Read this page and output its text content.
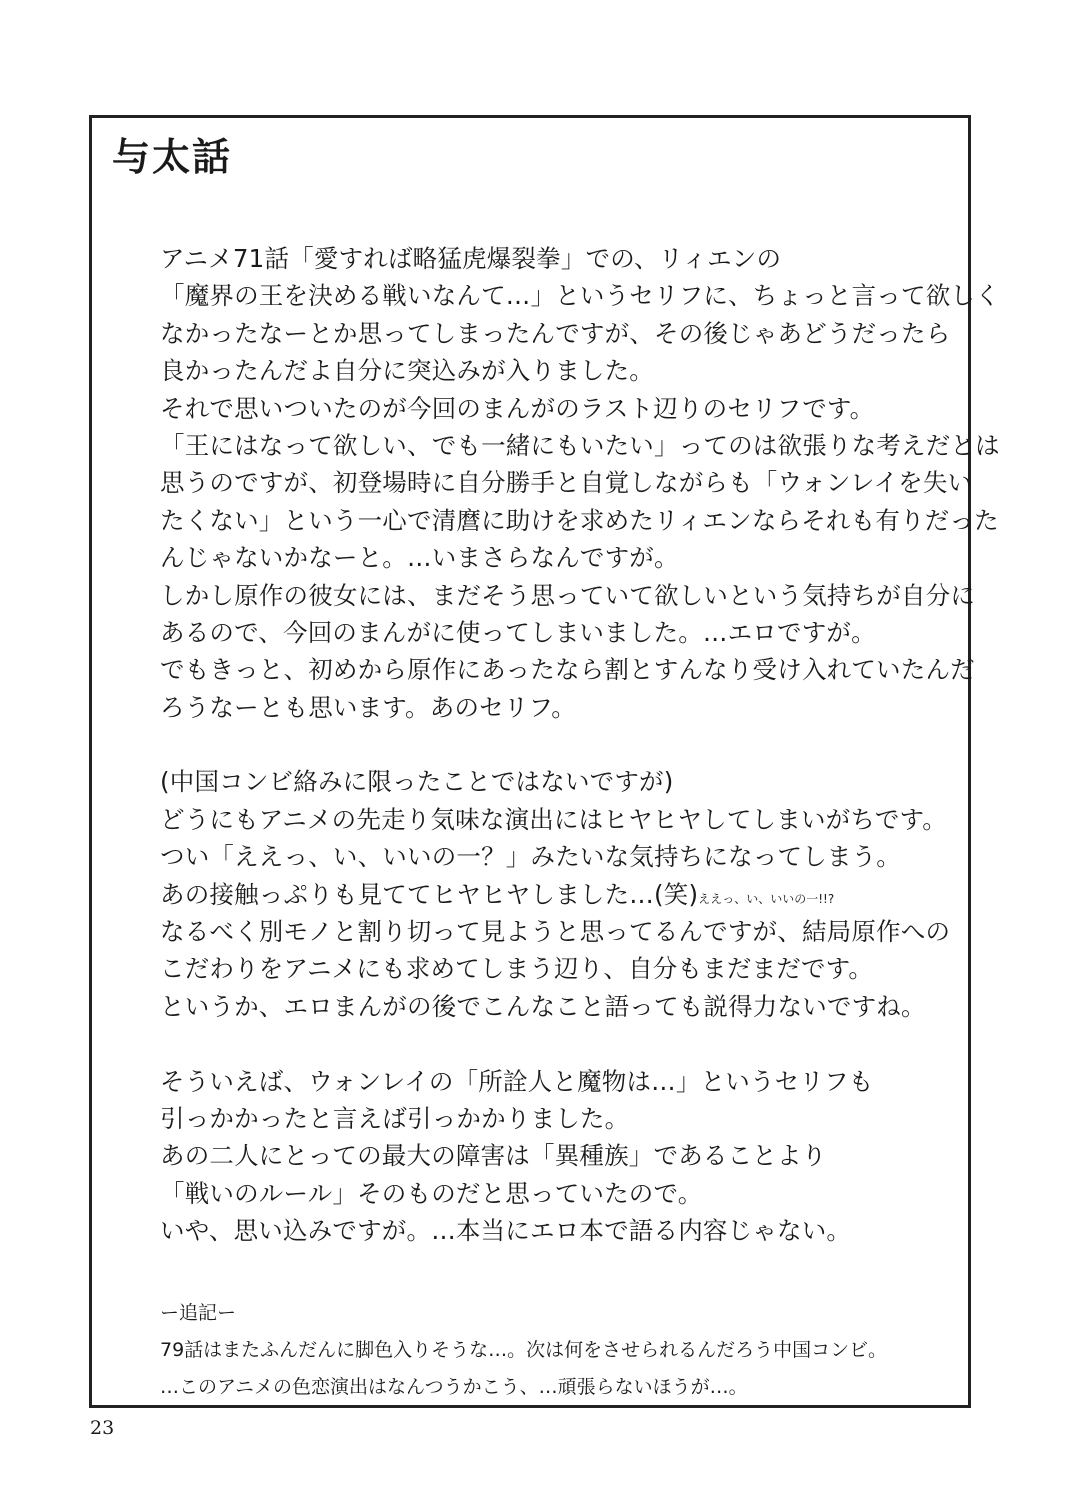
与太話
アニメ71話「愛すれば略猛虎爆裂拳」での、リィエンの
「魔界の王を決める戦いなんて…」というセリフに、ちょっと言って欲しく
なかったなーとか思ってしまったんですが、その後じゃあどうだったら
良かったんだよ自分に突込みが入りました。
それで思いついたのが今回のまんがのラスト辺りのセリフです。
「王にはなって欲しい、でも一緒にもいたい」ってのは欲張りな考えだとは
思うのですが、初登場時に自分勝手と自覚しながらも「ウォンレイを失い
たくない」という一心で清麿に助けを求めたリィエンならそれも有りだった
んじゃないかなーと。…いまさらなんですが。
しかし原作の彼女には、まだそう思っていて欲しいという気持ちが自分に
あるので、今回のまんがに使ってしまいました。…エロですが。
でもきっと、初めから原作にあったなら割とすんなり受け入れていたんだ
ろうなーとも思います。あのセリフ。
(中国コンビ絡みに限ったことではないですが)
どうにもアニメの先走り気味な演出にはヒヤヒヤしてしまいがちです。
つい「ええっ、い、いいの一？」みたいな気持ちになってしまう。
あの接触っぷりも見ててヒヤヒヤしました…(笑)ええっ、い、いいの一!!?
なるべく別モノと割り切って見ようと思ってるんですが、結局原作への
こだわりをアニメにも求めてしまう辺り、自分もまだまだです。
というか、エロまんがの後でこんなこと語っても説得力ないですね。
そういえば、ウォンレイの「所詮人と魔物は…」というセリフも
引っかかったと言えば引っかかりました。
あの二人にとっての最大の障害は「異種族」であることより
「戦いのルール」そのものだと思っていたので。
いや、思い込みですが。…本当にエロ本で語る内容じゃない。
ー追記ー
79話はまたふんだんに脚色入りそうな…。次は何をさせられるんだろう中国コンビ。
…このアニメの色恋演出はなんつうかこう、…頑張らないほうが…。
23
